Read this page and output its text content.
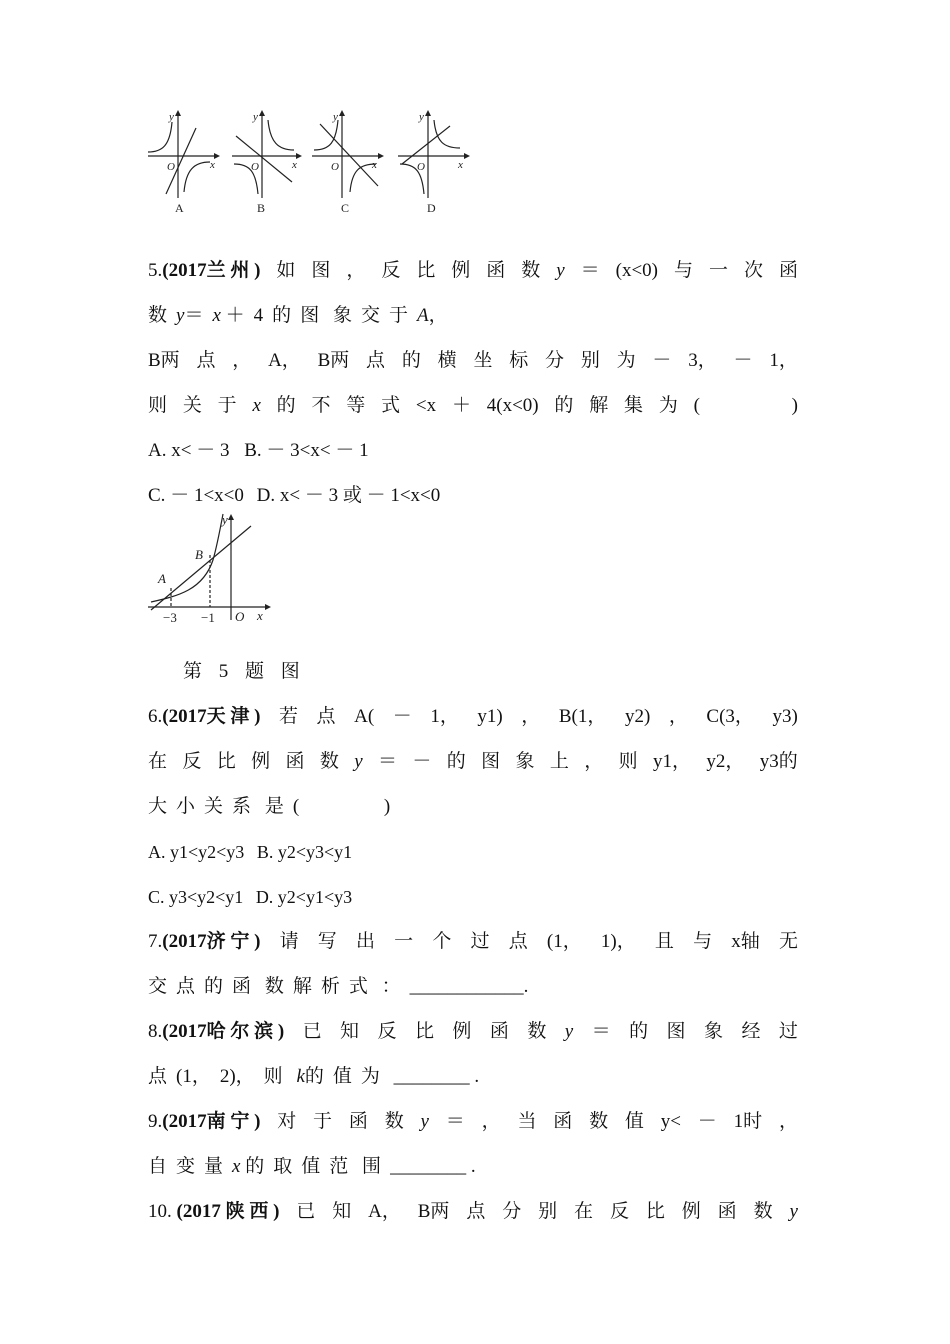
y
x
O
y
x
O
y
x
O
y
x
O
A	B	C	D
5.(2017兰 州 ) 如 图 ， 反 比 例 函 数 y ＝ (x<0) 与 一 次 函
数 y＝ x ＋ 4 的 图 象 交 于 A，
B两 点 ， A， B两 点 的 横 坐 标 分 别 为 － 3， － 1，
则 关 于 x 的 不 等 式 <x ＋ 4(x<0) 的 解 集 为 (	)
A. x< － 3 B. － 3<x< － 1
C. － 1<x<0 D. x< － 3 或 － 1<x<0
y
x
O
A
B
−3 −1
第 5 题 图
6.(2017天 津 ) 若 点 A( － 1， y1) ， B(1， y2) ， C(3， y3)
在 反 比 例 函 数 y ＝ － 的 图 象 上 ， 则 y1， y2， y3的
大 小 关 系 是 (	)
A. y1<y2<y3 B. y2<y3<y1
C. y3<y2<y1 D. y2<y1<y3
7.(2017济 宁 ) 请 写 出 一 个 过 点 (1， 1)， 且 与 x轴 无
交 点 的 函 数 解 析 式 ： ____________.
8.(2017哈 尔 滨 ) 已 知 反 比 例 函 数 y ＝ 的 图 象 经 过
点 (1， 2)， 则 k的 值 为 ________ .
9.(2017南 宁 ) 对 于 函 数 y ＝ ， 当 函 数 值 y< － 1时 ，
自 变 量 x 的 取 值 范 围 ________ .
10. (2017 陕 西 ) 已 知 A， B两 点 分 别 在 反 比 例 函 数 y
